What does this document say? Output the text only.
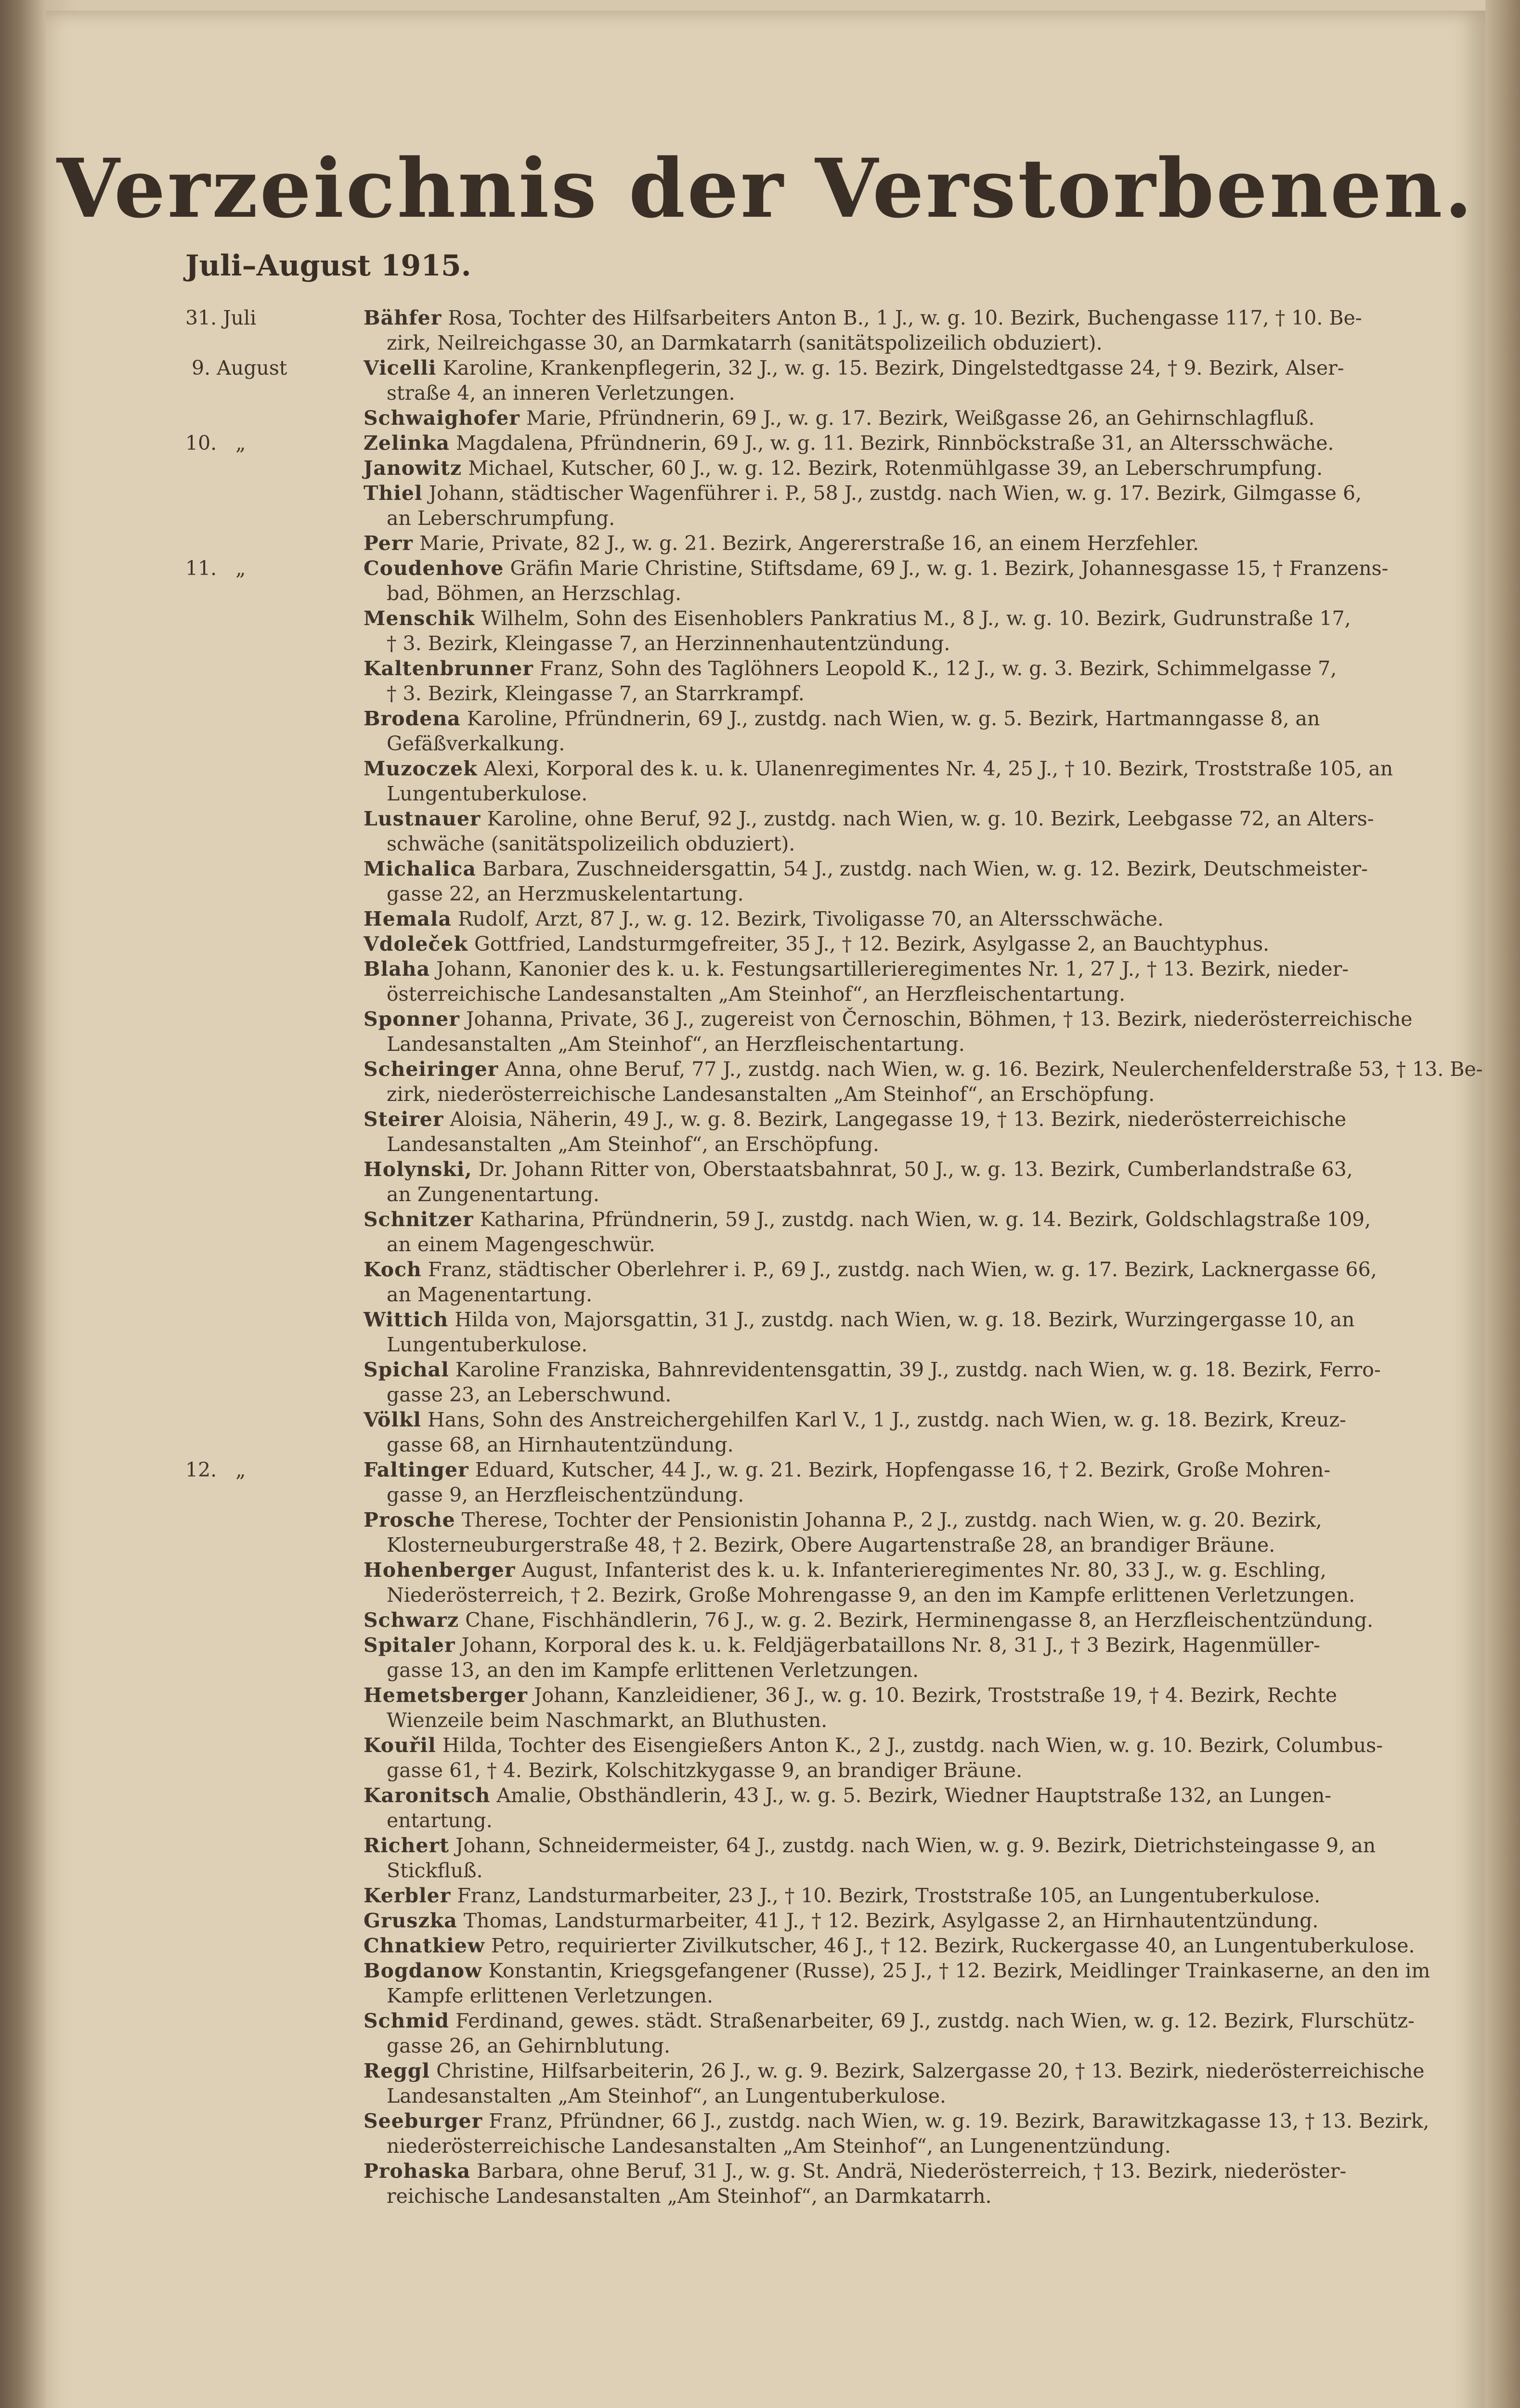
Verzeichnis der Verstorbenen.
Juli–August 1915.
31. Juli	Bähfer Rosa, Tochter des Hilfsarbeiters Anton B., 1 J., w. g. 10. Bezirk, Buchengasse 117, † 10. Be-
zirk, Neilreichgasse 30, an Darmkatarrh (sanitätspolizeilich obduziert).
9. August	Vicelli Karoline, Krankenpflegerin, 32 J., w. g. 15. Bezirk, Dingelstedtgasse 24, † 9. Bezirk, Alser-
straße 4, an inneren Verletzungen.
Schwaighofer Marie, Pfründnerin, 69 J., w. g. 17. Bezirk, Weißgasse 26, an Gehirnschlagfluß.
10.   „	Zelinka Magdalena, Pfründnerin, 69 J., w. g. 11. Bezirk, Rinnböckstraße 31, an Altersschwäche.
Janowitz Michael, Kutscher, 60 J., w. g. 12. Bezirk, Rotenmühlgasse 39, an Leberschrumpfung.
Thiel Johann, städtischer Wagenführer i. P., 58 J., zustdg. nach Wien, w. g. 17. Bezirk, Gilmgasse 6,
an Leberschrumpfung.
Perr Marie, Private, 82 J., w. g. 21. Bezirk, Angererstraße 16, an einem Herzfehler.
11.   „	Coudenhove Gräfin Marie Christine, Stiftsdame, 69 J., w. g. 1. Bezirk, Johannesgasse 15, † Franzens-
bad, Böhmen, an Herzschlag.
Menschik Wilhelm, Sohn des Eisenhoblers Pankratius M., 8 J., w. g. 10. Bezirk, Gudrunstraße 17,
† 3. Bezirk, Kleingasse 7, an Herzinnenhautentzündung.
Kaltenbrunner Franz, Sohn des Taglöhners Leopold K., 12 J., w. g. 3. Bezirk, Schimmelgasse 7,
† 3. Bezirk, Kleingasse 7, an Starrkrampf.
Brodena Karoline, Pfründnerin, 69 J., zustdg. nach Wien, w. g. 5. Bezirk, Hartmanngasse 8, an
Gefäßverkalkung.
Muzoczek Alexi, Korporal des k. u. k. Ulanenregimentes Nr. 4, 25 J., † 10. Bezirk, Troststraße 105, an
Lungentuberkulose.
Lustnauer Karoline, ohne Beruf, 92 J., zustdg. nach Wien, w. g. 10. Bezirk, Leebgasse 72, an Alters-
schwäche (sanitätspolizeilich obduziert).
Michalica Barbara, Zuschneidersgattin, 54 J., zustdg. nach Wien, w. g. 12. Bezirk, Deutschmeister-
gasse 22, an Herzmuskelentartung.
Hemala Rudolf, Arzt, 87 J., w. g. 12. Bezirk, Tivoligasse 70, an Altersschwäche.
Vdoleček Gottfried, Landsturmgefreiter, 35 J., † 12. Bezirk, Asylgasse 2, an Bauchtyphus.
Blaha Johann, Kanonier des k. u. k. Festungsartillerieregimentes Nr. 1, 27 J., † 13. Bezirk, nieder-
österreichische Landesanstalten „Am Steinhof“, an Herzfleischentartung.
Sponner Johanna, Private, 36 J., zugereist von Černoschin, Böhmen, † 13. Bezirk, niederösterreichische
Landesanstalten „Am Steinhof“, an Herzfleischentartung.
Scheiringer Anna, ohne Beruf, 77 J., zustdg. nach Wien, w. g. 16. Bezirk, Neulerchenfelderstraße 53, † 13. Be-
zirk, niederösterreichische Landesanstalten „Am Steinhof“, an Erschöpfung.
Steirer Aloisia, Näherin, 49 J., w. g. 8. Bezirk, Langegasse 19, † 13. Bezirk, niederösterreichische
Landesanstalten „Am Steinhof“, an Erschöpfung.
Holynski, Dr. Johann Ritter von, Oberstaatsbahnrat, 50 J., w. g. 13. Bezirk, Cumberlandstraße 63,
an Zungenentartung.
Schnitzer Katharina, Pfründnerin, 59 J., zustdg. nach Wien, w. g. 14. Bezirk, Goldschlagstraße 109,
an einem Magengeschwür.
Koch Franz, städtischer Oberlehrer i. P., 69 J., zustdg. nach Wien, w. g. 17. Bezirk, Lacknergasse 66,
an Magenentartung.
Wittich Hilda von, Majorsgattin, 31 J., zustdg. nach Wien, w. g. 18. Bezirk, Wurzingergasse 10, an
Lungentuberkulose.
Spichal Karoline Franziska, Bahnrevidentensgattin, 39 J., zustdg. nach Wien, w. g. 18. Bezirk, Ferro-
gasse 23, an Leberschwund.
Völkl Hans, Sohn des Anstreichergehilfen Karl V., 1 J., zustdg. nach Wien, w. g. 18. Bezirk, Kreuz-
gasse 68, an Hirnhautentzündung.
12.   „	Faltinger Eduard, Kutscher, 44 J., w. g. 21. Bezirk, Hopfengasse 16, † 2. Bezirk, Große Mohren-
gasse 9, an Herzfleischentzündung.
Prosche Therese, Tochter der Pensionistin Johanna P., 2 J., zustdg. nach Wien, w. g. 20. Bezirk,
Klosterneuburgerstraße 48, † 2. Bezirk, Obere Augartenstraße 28, an brandiger Bräune.
Hohenberger August, Infanterist des k. u. k. Infanterieregimentes Nr. 80, 33 J., w. g. Eschling,
Niederösterreich, † 2. Bezirk, Große Mohrengasse 9, an den im Kampfe erlittenen Verletzungen.
Schwarz Chane, Fischhändlerin, 76 J., w. g. 2. Bezirk, Herminengasse 8, an Herzfleischentzündung.
Spitaler Johann, Korporal des k. u. k. Feldjägerbataillons Nr. 8, 31 J., † 3 Bezirk, Hagenmüller-
gasse 13, an den im Kampfe erlittenen Verletzungen.
Hemetsberger Johann, Kanzleidiener, 36 J., w. g. 10. Bezirk, Troststraße 19, † 4. Bezirk, Rechte
Wienzeile beim Naschmarkt, an Bluthusten.
Kouřil Hilda, Tochter des Eisengießers Anton K., 2 J., zustdg. nach Wien, w. g. 10. Bezirk, Columbus-
gasse 61, † 4. Bezirk, Kolschitzkygasse 9, an brandiger Bräune.
Karonitsch Amalie, Obsthändlerin, 43 J., w. g. 5. Bezirk, Wiedner Hauptstraße 132, an Lungen-
entartung.
Richert Johann, Schneidermeister, 64 J., zustdg. nach Wien, w. g. 9. Bezirk, Dietrichsteingasse 9, an
Stickfluß.
Kerbler Franz, Landsturmarbeiter, 23 J., † 10. Bezirk, Troststraße 105, an Lungentuberkulose.
Gruszka Thomas, Landsturmarbeiter, 41 J., † 12. Bezirk, Asylgasse 2, an Hirnhautentzündung.
Chnatkiew Petro, requirierter Zivilkutscher, 46 J., † 12. Bezirk, Ruckergasse 40, an Lungentuberkulose.
Bogdanow Konstantin, Kriegsgefangener (Russe), 25 J., † 12. Bezirk, Meidlinger Trainkaserne, an den im
Kampfe erlittenen Verletzungen.
Schmid Ferdinand, gewes. städt. Straßenarbeiter, 69 J., zustdg. nach Wien, w. g. 12. Bezirk, Flurschütz-
gasse 26, an Gehirnblutung.
Reggl Christine, Hilfsarbeiterin, 26 J., w. g. 9. Bezirk, Salzergasse 20, † 13. Bezirk, niederösterreichische
Landesanstalten „Am Steinhof“, an Lungentuberkulose.
Seeburger Franz, Pfründner, 66 J., zustdg. nach Wien, w. g. 19. Bezirk, Barawitzkagasse 13, † 13. Bezirk,
niederösterreichische Landesanstalten „Am Steinhof“, an Lungenentzündung.
Prohaska Barbara, ohne Beruf, 31 J., w. g. St. Andrä, Niederösterreich, † 13. Bezirk, niederöster-
reichische Landesanstalten „Am Steinhof“, an Darmkatarrh.
